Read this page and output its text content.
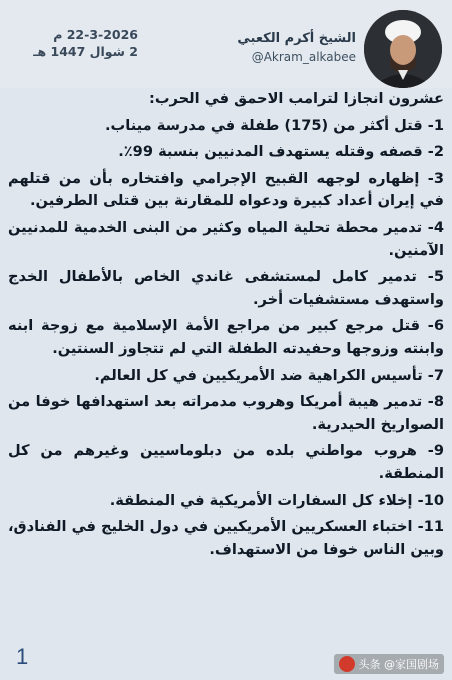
22-3-2026 م
2 شوال 1447 هـ
الشيخ أكرم الكعبي
@Akram_alkabee

عشرون انجازا لترامب الاحمق في الحرب:

1- قتل أكثر من (175) طفلة في مدرسة ميناب.

2- قصفه وقتله يستهدف المدنيين بنسبة 99٪.

3- إظهاره لوجهه القبيح الإجرامي وافتخاره بأن من قتلهم في إيران أعداد كبيرة ودعواه للمقارنة بين قتلى الطرفين.

4- تدمير محطة تحلية المياه وكثير من البنى الخدمية للمدنيين الآمنين.

5- تدمير كامل لمستشفى غاندي الخاص بالأطفال الخدج واستهدف مستشفيات أخر.

6- قتل مرجع كبير من مراجع الأمة الإسلامية مع زوجة ابنه وابنته وزوجها وحفيدته الطفلة التي لم تتجاوز السنتين.

7- تأسيس الكراهية ضد الأمريكيين في كل العالم.

8- تدمير هيبة أمريكا وهروب مدمراته بعد استهدافها خوفا من الصواريخ الحيدرية.

9- هروب مواطني بلده من دبلوماسيين وغيرهم من كل المنطقة.

10- إخلاء كل السفارات الأمريكية في المنطقة.

11- اختباء العسكريين الأمريكيين في دول الخليج في الفنادق، وبين الناس خوفا من الاستهداف.

1	头条 @家国剧场
